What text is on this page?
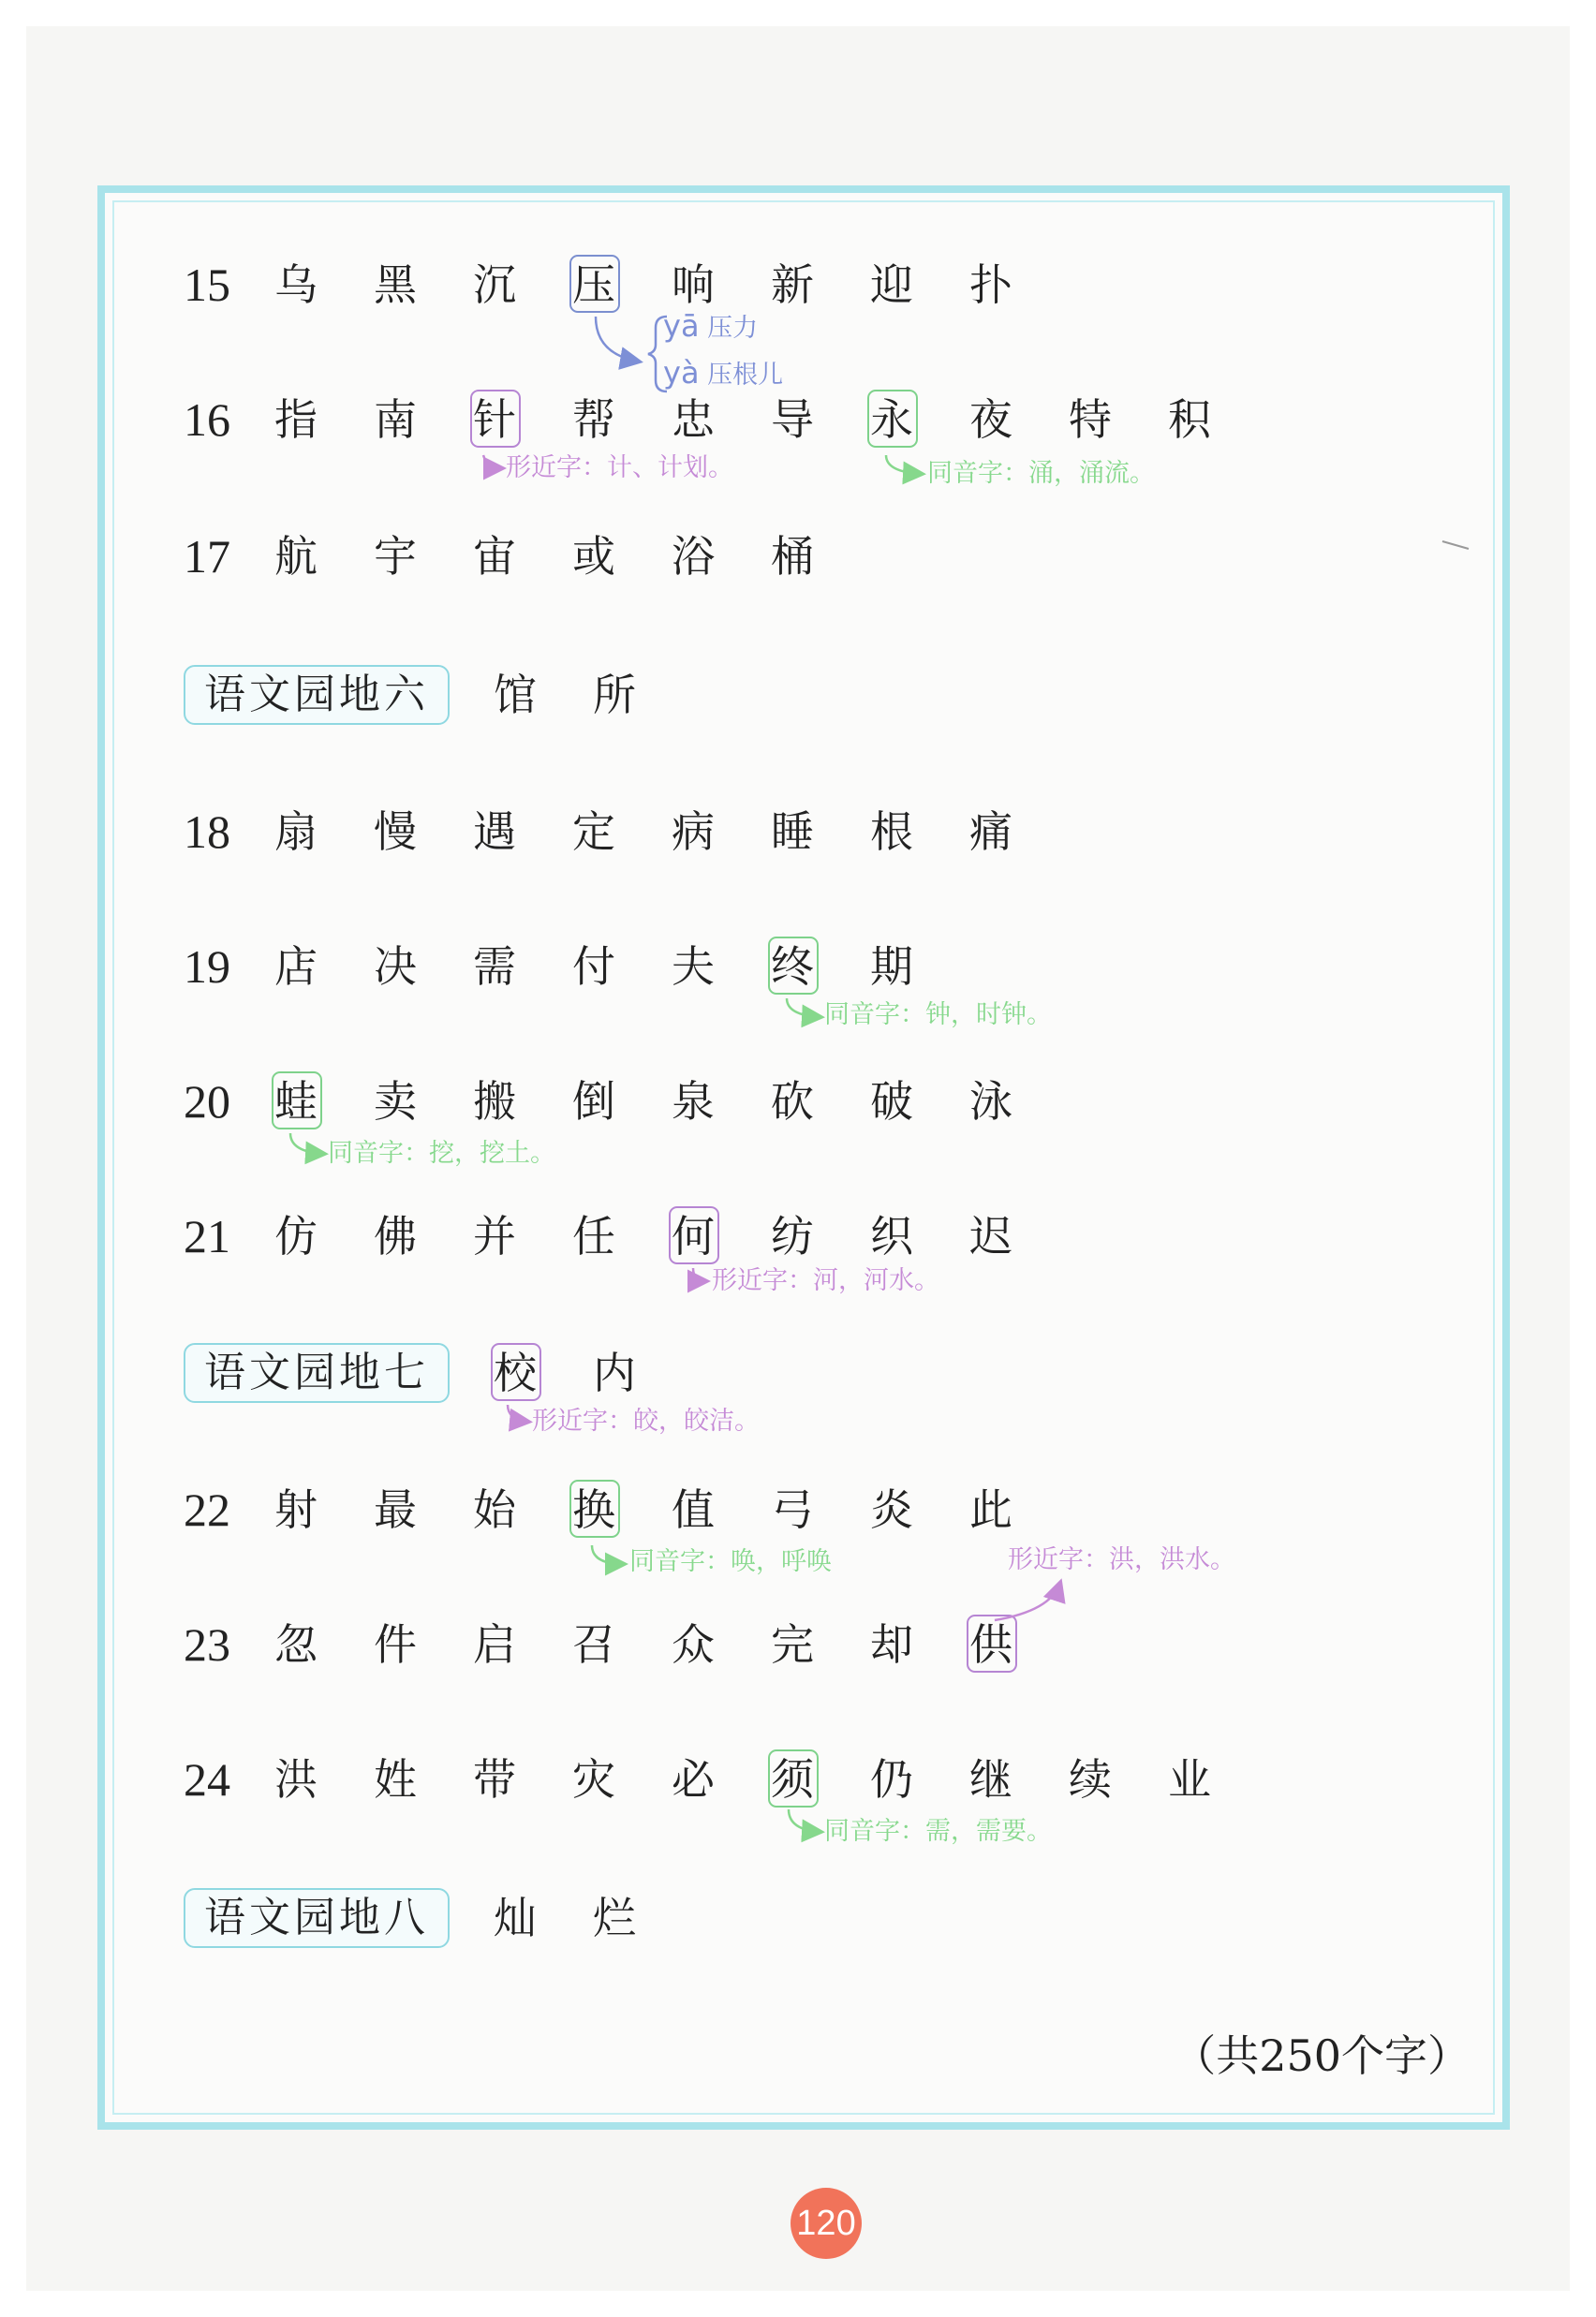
15	乌 黑 沉 压 响 新 迎 扑
yā 压力
yà 压根儿
16	指 南 针 帮 忠 导 永 夜 特 积
形近字：计、计划。	同音字：涌，涌流。
17	航 宇 宙 或 浴 桶
语文园地六	馆 所
18	扇 慢 遇 定 病 睡 根 痛
19	店 决 需 付 夫 终 期
同音字：钟，时钟。
20	蛙 卖 搬 倒 泉 砍 破 泳
同音字：挖，挖土。
21	仿 佛 并 任 何 纺 织 迟
形近字：河，河水。
语文园地七	校 内
形近字：皎，皎洁。
22	射 最 始 换 值 弓 炎 此
同音字：唤，呼唤	形近字：洪，洪水。
23	忽 件 启 召 众 完 却 供
24	洪 姓 带 灾 必 须 仍 继 续 业
同音字：需，需要。
语文园地八	灿 烂
（共250个字）
120
